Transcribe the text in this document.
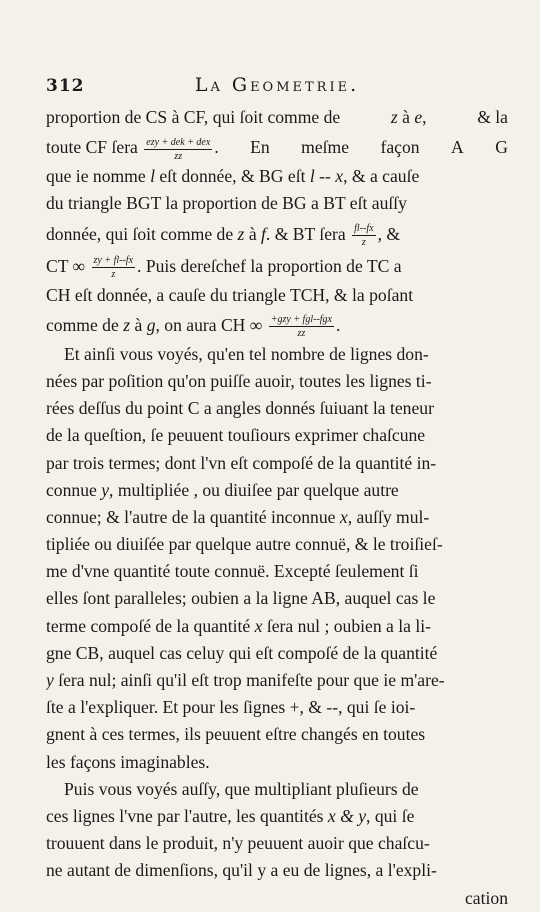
312	La Geometrie.
proportion de CS à CF, qui ſoit comme de	z à e,	& la
toute CF ſera $\frac{\text{ezy + dek + dex}}{zz}$ . En meſme façon A G
que ie nomme l eſt donnée, & BG eſt l -- x, & a cauſe
du triangle BGT la proportion de BG a BT eſt auſſy
donnée, qui ſoit comme de z à f. & BT ſera $\frac{fl--fx}{z}$ , &
CT ∞ $\frac{zy + fl--fx}{z}$ . Puis dereſchef la proportion de TC a
CH eſt donnée, a cauſe du triangle TCH, & la poſant
comme de z à g, on aura CH ∞ $\frac{\text{+gzy + fgl--fgx}}{zz}$ .
Et ainſi vous voyés, qu'en tel nombre de lignes don-
nées par poſition qu'on puiſſe auoir, toutes les lignes ti-
rées deſſus du point C a angles donnés ſuiuant la teneur
de la queſtion, ſe peuuent touſiours exprimer chaſcune
par trois termes; dont l'vn eſt compoſé de la quantité in-
connue y, multipliée , ou diuiſee par quelque autre
connue; & l'autre de la quantité inconnue x, auſſy mul-
tipliée ou diuiſée par quelque autre connuë, & le troiſieſ-
me d'vne quantité toute connuë. Excepté ſeulement ſi
elles ſont paralleles; oubien a la ligne AB, auquel cas le
terme compoſé de la quantité x ſera nul ; oubien a la li-
gne CB, auquel cas celuy qui eſt compoſé de la quantité
y ſera nul; ainſi qu'il eſt trop manifeſte pour que ie m'are-
ſte a l'expliquer. Et pour les ſignes +, & --, qui ſe ioi-
gnent à ces termes, ils peuuent eſtre changés en toutes
les façons imaginables.
Puis vous voyés auſſy, que multipliant pluſieurs de
ces lignes l'vne par l'autre, les quantités x & y, qui ſe
trouuent dans le produit, n'y peuuent auoir que chaſcu-
ne autant de dimenſions, qu'il y a eu de lignes, a l'expli-
cation
